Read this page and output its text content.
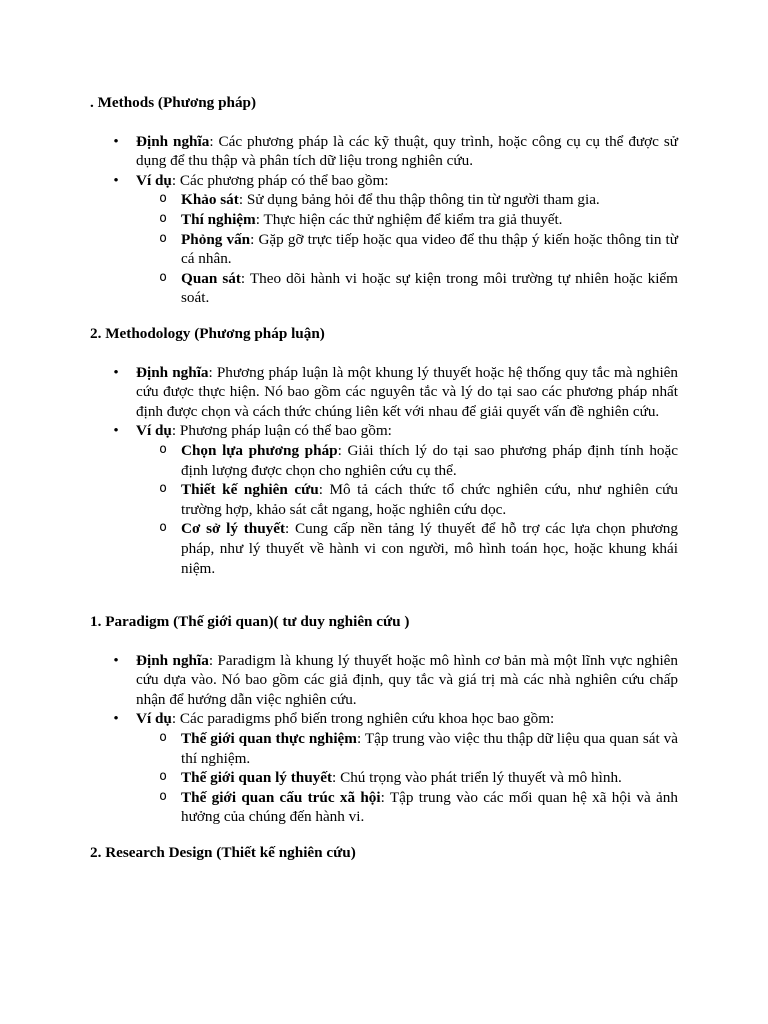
. Methods (Phương pháp)
• Định nghĩa: Các phương pháp là các kỹ thuật, quy trình, hoặc công cụ cụ thể được sử dụng để thu thập và phân tích dữ liệu trong nghiên cứu.
• Ví dụ: Các phương pháp có thể bao gồm:
o Khảo sát: Sử dụng bảng hỏi để thu thập thông tin từ người tham gia.
o Thí nghiệm: Thực hiện các thử nghiệm để kiểm tra giả thuyết.
o Phỏng vấn: Gặp gỡ trực tiếp hoặc qua video để thu thập ý kiến hoặc thông tin từ cá nhân.
o Quan sát: Theo dõi hành vi hoặc sự kiện trong môi trường tự nhiên hoặc kiểm soát.
2. Methodology (Phương pháp luận)
• Định nghĩa: Phương pháp luận là một khung lý thuyết hoặc hệ thống quy tắc mà nghiên cứu được thực hiện. Nó bao gồm các nguyên tắc và lý do tại sao các phương pháp nhất định được chọn và cách thức chúng liên kết với nhau để giải quyết vấn đề nghiên cứu.
• Ví dụ: Phương pháp luận có thể bao gồm:
o Chọn lựa phương pháp: Giải thích lý do tại sao phương pháp định tính hoặc định lượng được chọn cho nghiên cứu cụ thể.
o Thiết kế nghiên cứu: Mô tả cách thức tổ chức nghiên cứu, như nghiên cứu trường hợp, khảo sát cắt ngang, hoặc nghiên cứu dọc.
o Cơ sở lý thuyết: Cung cấp nền tảng lý thuyết để hỗ trợ các lựa chọn phương pháp, như lý thuyết về hành vi con người, mô hình toán học, hoặc khung khái niệm.
1. Paradigm (Thế giới quan)( tư duy nghiên cứu )
• Định nghĩa: Paradigm là khung lý thuyết hoặc mô hình cơ bản mà một lĩnh vực nghiên cứu dựa vào. Nó bao gồm các giả định, quy tắc và giá trị mà các nhà nghiên cứu chấp nhận để hướng dẫn việc nghiên cứu.
• Ví dụ: Các paradigms phổ biến trong nghiên cứu khoa học bao gồm:
o Thế giới quan thực nghiệm: Tập trung vào việc thu thập dữ liệu qua quan sát và thí nghiệm.
o Thế giới quan lý thuyết: Chú trọng vào phát triển lý thuyết và mô hình.
o Thế giới quan cấu trúc xã hội: Tập trung vào các mối quan hệ xã hội và ảnh hưởng của chúng đến hành vi.
2. Research Design (Thiết kế nghiên cứu)
